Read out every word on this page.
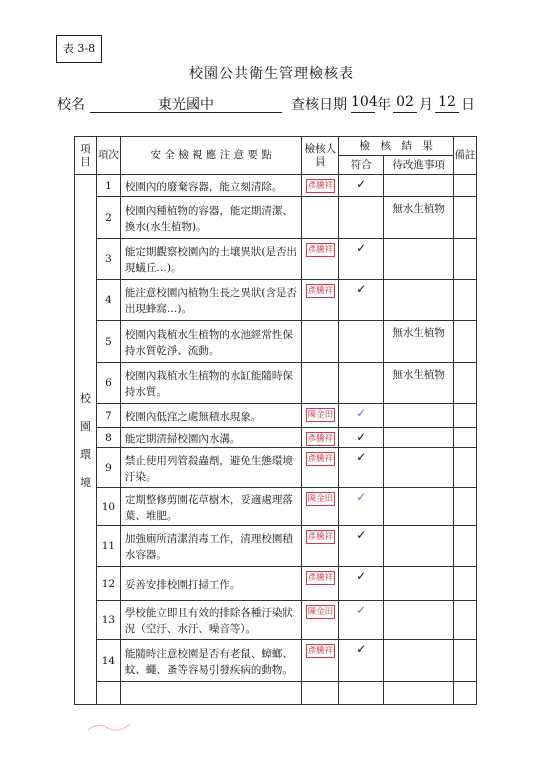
表 3-8
校園公共衛生管理檢核表
校名	東光國中	查核日期 104 年 02 月 12 日
項目	項次	安 全 檢 視 應 注 意 要 點	檢核人員	檢　核　結　果		備註
				符合	待改進事項	

校
園
環
境	1	校園內的廢棄容器，能立刻清除。	彥騰祥	✓		
	2	校園內種植物的容器，能定期清潔、換水(水生植物)。			無水生植物	
	3	能定期觀察校園內的土壤異狀(是否出現蟻丘…)。	彥騰祥	✓		
	4	能注意校園內植物生長之異狀(含是否出現蜂窩…)。	彥騰祥	✓		
	5	校園內栽植水生植物的水池經常性保持水質乾淨、流動。			無水生植物	
	6	校園內栽植水生植物的水缸能隨時保持水質。			無水生植物	
	7	校園內低窪之處無積水現象。	陳金田	✓		
	8	能定期清掃校園內水溝。	彥騰祥	✓		
	9	禁止使用列管殺蟲劑，避免生態環境汙染。	彥騰祥	✓		
	10	定期整修剪園花草樹木，妥適處理落葉、堆肥。	陳金田	✓		
	11	加強廁所清潔消毒工作，清理校園積水容器。	彥騰祥	✓		
	12	妥善安排校園打掃工作。	彥騰祥	✓		
	13	學校能立即且有效的排除各種汙染狀況（空汙、水汙、噪音等）。	陳金田	✓		
	14	能隨時注意校園是否有老鼠、蟑螂、蚊、蠅、蚤等容易引發疾病的動物。	彥騰祥	✓		
